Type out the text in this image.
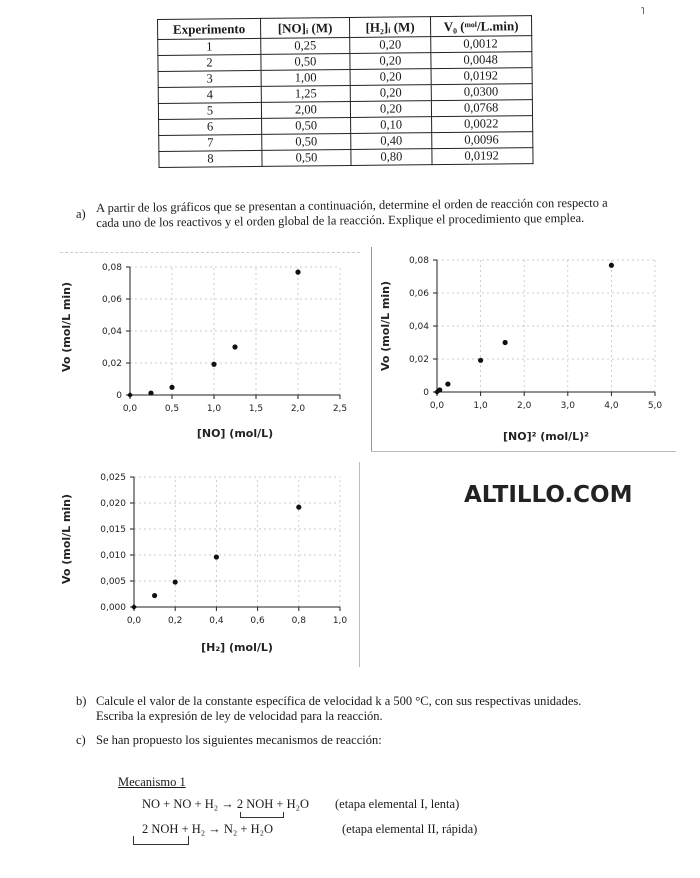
˥
Experimento	[NO]ᵢ (M)	[H₂]ᵢ (M)	V₀ (ᵐᵒˡ/L.min)
1	0,25	0,20	0,0012
2	0,50	0,20	0,0048
3	1,00	0,20	0,0192
4	1,25	0,20	0,0300
5	2,00	0,20	0,0768
6	0,50	0,10	0,0022
7	0,50	0,40	0,0096
8	0,50	0,80	0,0192
a) A partir de los gráficos que se presentan a continuación, determine el orden de reacción con respecto a
cada uno de los reactivos y el orden global de la reacción. Explique el procedimiento que emplea.
0,0	0,5	1,0	1,5	2,0	2,5
0
0,02
0,04
0,06
0,08
[NO] (mol/L)
Vo (mol/L min)
0,0	1,0	2,0	3,0	4,0	5,0
0
0,02
0,04
0,06
0,08
[NO]² (mol/L)²
Vo (mol/L min)
0,0	0,2	0,4	0,6	0,8	1,0
0,000
0,005
0,010
0,015
0,020
0,025
[H₂] (mol/L)
Vo (mol/L min)	ALTILLO.COM
b) Calcule el valor de la constante específica de velocidad k a 500 °C, con sus respectivas unidades.
Escriba la expresión de ley de velocidad para la reacción.
c) Se han propuesto los siguientes mecanismos de reacción:
Mecanismo 1
NO + NO + H₂ → 2 NOH + H₂O (etapa elemental I, lenta)
2 NOH + H₂ → N₂ + H₂O	(etapa elemental II, rápida)
